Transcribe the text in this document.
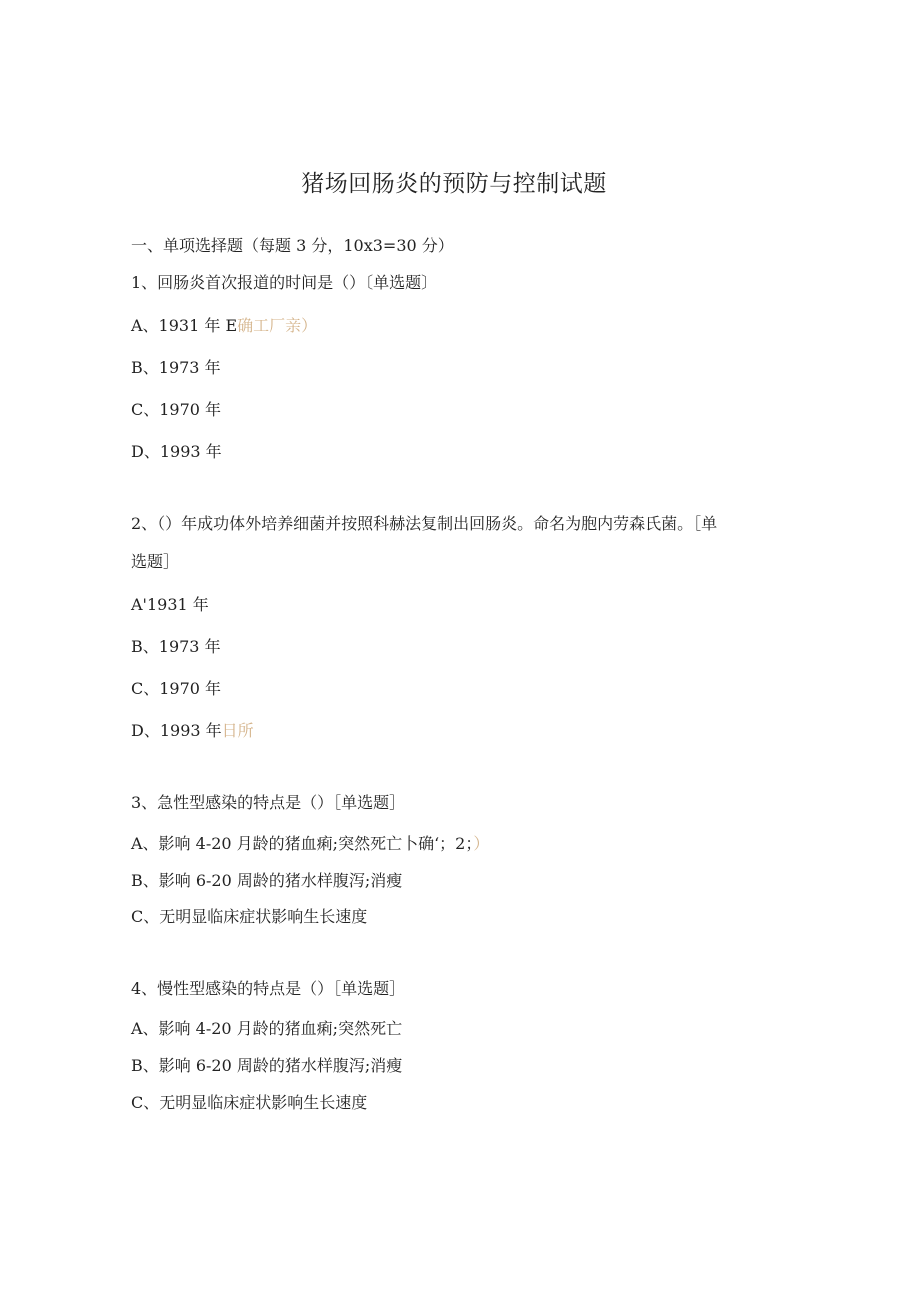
猪场回肠炎的预防与控制试题
一、单项选择题（每题 3 分，10x3=30 分）
1、回肠炎首次报道的时间是（）〔单选题〕
A、1931 年 E确工厂亲）
B、1973 年
C、1970 年
D、1993 年
2、（）年成功体外培养细菌并按照科赫法复制出回肠炎。命名为胞内劳森氏菌。［单
选题］
A'1931 年
B、1973 年
C、1970 年
D、1993 年日所
3、急性型感染的特点是（）［单选题］
A、影响 4-20 月龄的猪血痢;突然死亡卜确‘；2；）
B、影响 6-20 周龄的猪水样腹泻;消瘦
C、无明显临床症状影响生长速度
4、慢性型感染的特点是（）［单选题］
A、影响 4-20 月龄的猪血痢;突然死亡
B、影响 6-20 周龄的猪水样腹泻;消瘦
C、无明显临床症状影响生长速度
